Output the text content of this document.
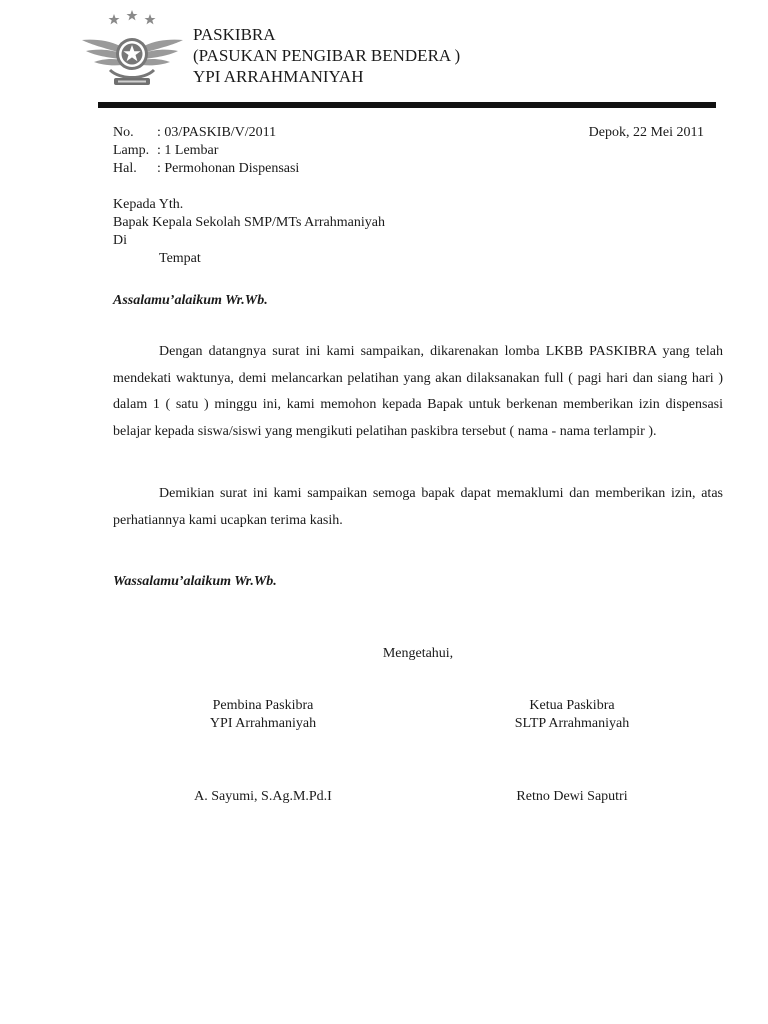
PASKIBRA
(PASUKAN PENGIBAR BENDERA )
YPI ARRAHMANIYAH
No. : 03/PASKIB/V/2011
Lamp. : 1 Lembar
Hal. : Permohonan Dispensasi
Depok, 22 Mei 2011
Kepada Yth.
Bapak Kepala Sekolah SMP/MTs Arrahmaniyah
Di
Tempat
Assalamu’alaikum Wr.Wb.
Dengan datangnya surat ini kami sampaikan, dikarenakan lomba LKBB PASKIBRA yang telah mendekati waktunya, demi melancarkan pelatihan yang akan dilaksanakan full ( pagi hari dan siang hari ) dalam 1 ( satu ) minggu ini, kami memohon kepada Bapak untuk berkenan memberikan izin dispensasi belajar kepada siswa/siswi yang mengikuti pelatihan paskibra tersebut ( nama - nama terlampir ).
Demikian surat ini kami sampaikan semoga bapak dapat memaklumi dan memberikan izin, atas perhatiannya kami ucapkan terima kasih.
Wassalamu’alaikum Wr.Wb.
Mengetahui,
Pembina Paskibra
YPI Arrahmaniyah
A. Sayumi, S.Ag.M.Pd.I
Ketua Paskibra
SLTP Arrahmaniyah
Retno Dewi Saputri
